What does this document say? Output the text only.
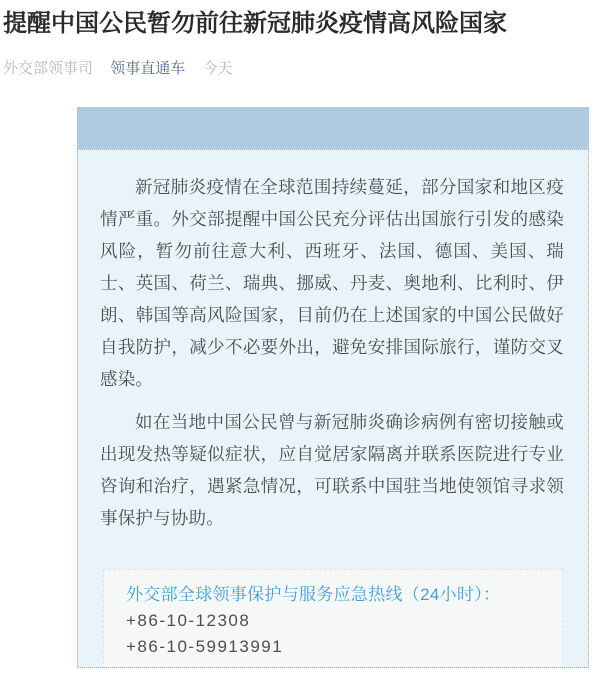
提醒中国公民暂勿前往新冠肺炎疫情高风险国家
外交部领事司 领事直通车 今天

新冠肺炎疫情在全球范围持续蔓延，部分国家和地区疫情严重。外交部提醒中国公民充分评估出国旅行引发的感染风险，暂勿前往意大利、西班牙、法国、德国、美国、瑞士、英国、荷兰、瑞典、挪威、丹麦、奥地利、比利时、伊朗、韩国等高风险国家，目前仍在上述国家的中国公民做好自我防护，减少不必要外出，避免安排国际旅行，谨防交叉感染。

如在当地中国公民曾与新冠肺炎确诊病例有密切接触或出现发热等疑似症状，应自觉居家隔离并联系医院进行专业咨询和治疗，遇紧急情况，可联系中国驻当地使领馆寻求领事保护与协助。

外交部全球领事保护与服务应急热线（24小时）：
+86-10-12308
+86-10-59913991
